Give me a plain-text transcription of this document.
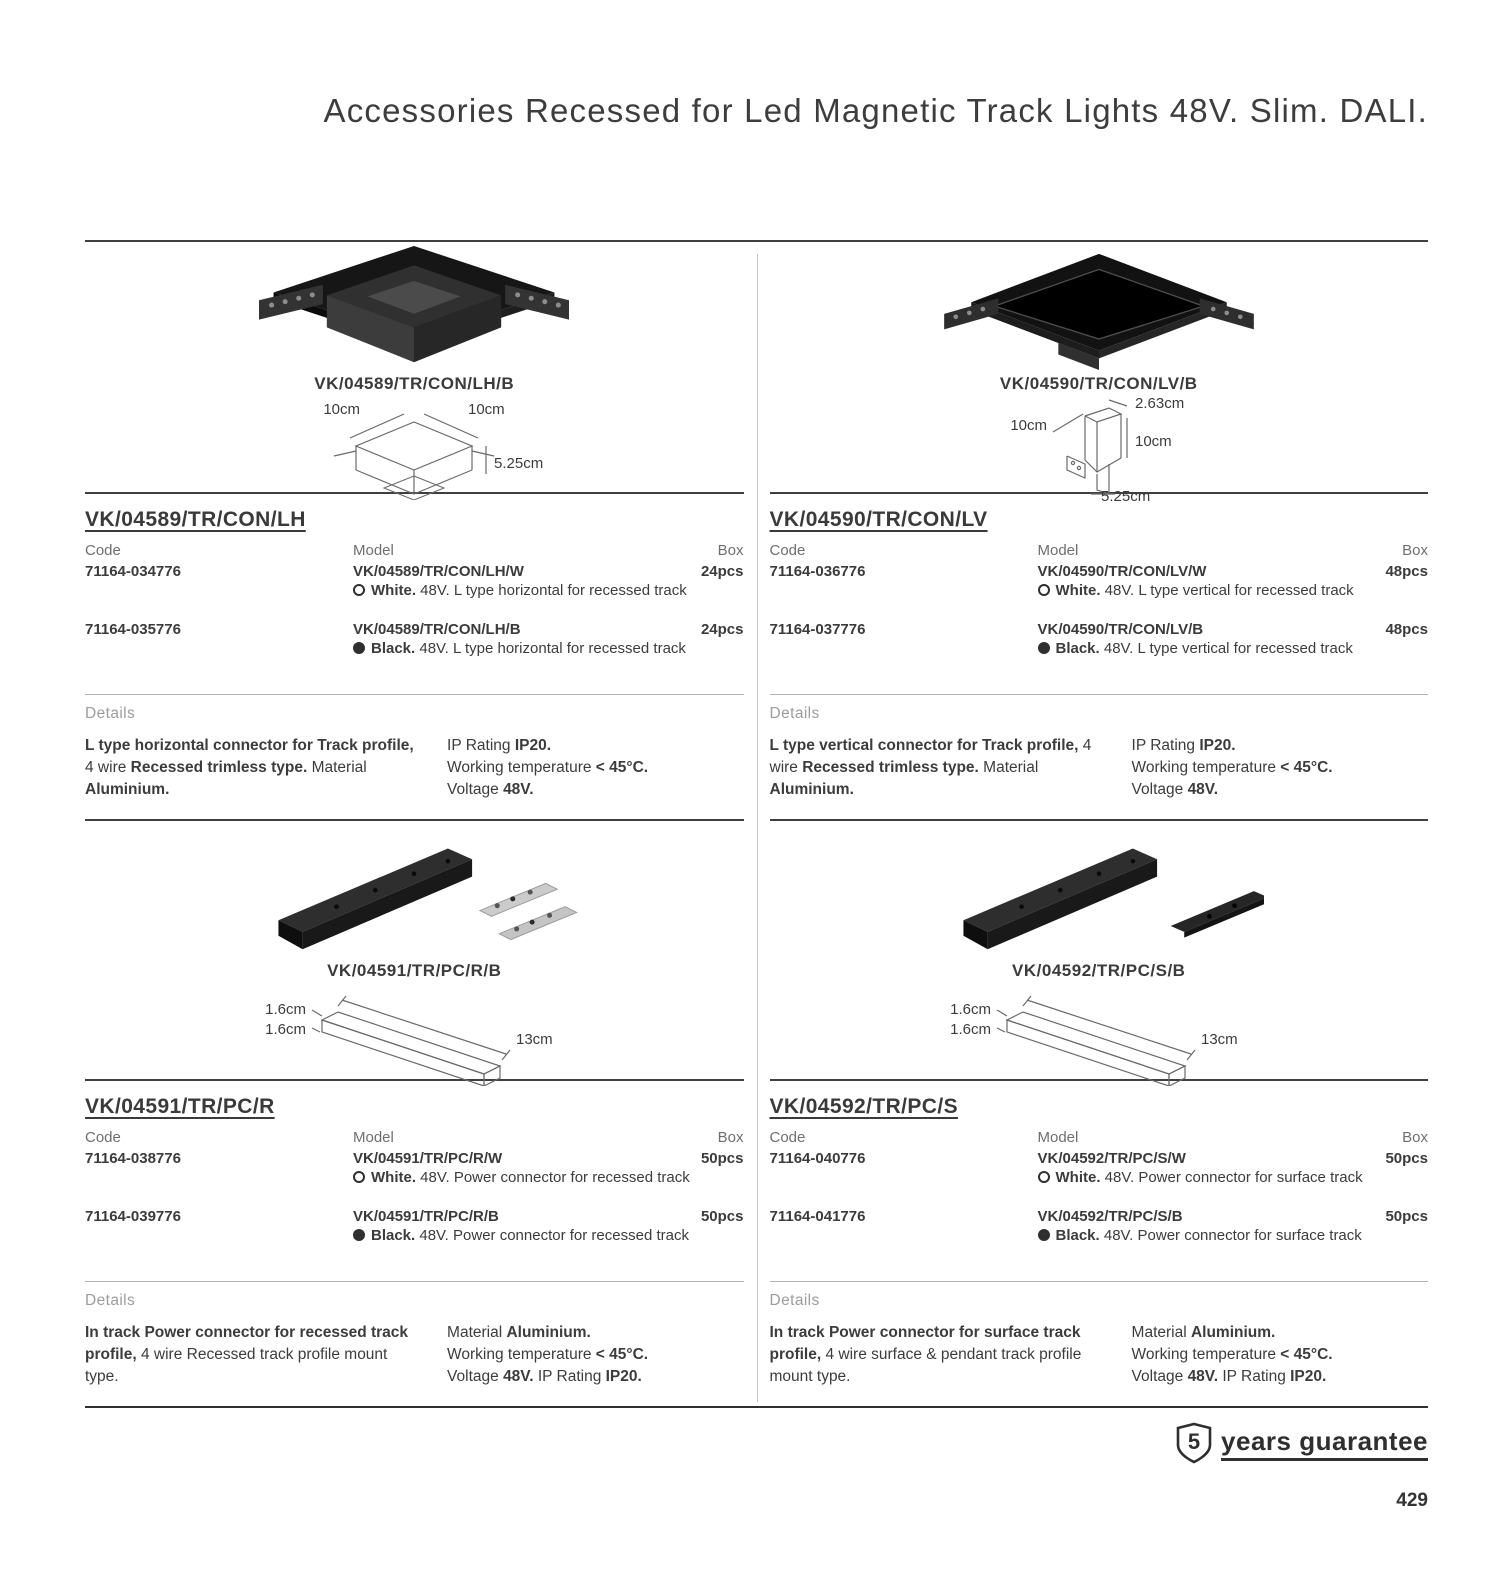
Accessories Recessed for Led Magnetic Track Lights 48V. Slim. DALI.
VK/04589/TR/CON/LH/B
10cm	10cm
5.25cm
VK/04589/TR/CON/LH
Code	Model	Box
71164-034776	VK/04589/TR/CON/LH/W	24pcs
White. 48V. L type horizontal for recessed track
71164-035776	VK/04589/TR/CON/LH/B	24pcs
Black. 48V. L type horizontal for recessed track
Details
L type horizontal connector for Track profile, 4 wire Recessed trimless type. Material Aluminium.
IP Rating IP20.
Working temperature < 45°C.
Voltage 48V.
VK/04591/TR/PC/R/B
1.6cm
1.6cm
13cm
VK/04591/TR/PC/R
Code	Model	Box
71164-038776	VK/04591/TR/PC/R/W	50pcs
White. 48V. Power connector for recessed track
71164-039776	VK/04591/TR/PC/R/B	50pcs
Black. 48V. Power connector for recessed track
Details
In track Power connector for recessed track profile, 4 wire Recessed track profile mount type.
Material Aluminium.
Working temperature < 45°C.
Voltage 48V. IP Rating IP20.
VK/04590/TR/CON/LV/B
2.63cm
10cm
10cm
5.25cm
VK/04590/TR/CON/LV
Code	Model	Box
71164-036776	VK/04590/TR/CON/LV/W	48pcs
White. 48V. L type vertical for recessed track
71164-037776	VK/04590/TR/CON/LV/B	48pcs
Black. 48V. L type vertical for recessed track
Details
L type vertical connector for Track profile, 4 wire Recessed trimless type. Material Aluminium.
IP Rating IP20.
Working temperature < 45°C.
Voltage 48V.
VK/04592/TR/PC/S/B
1.6cm
1.6cm
13cm
VK/04592/TR/PC/S
Code	Model	Box
71164-040776	VK/04592/TR/PC/S/W	50pcs
White. 48V. Power connector for surface track
71164-041776	VK/04592/TR/PC/S/B	50pcs
Black. 48V. Power connector for surface track
Details
In track Power connector for surface track profile, 4 wire surface & pendant track profile mount type.
Material Aluminium.
Working temperature < 45°C.
Voltage 48V. IP Rating IP20.
5 years guarantee
429
